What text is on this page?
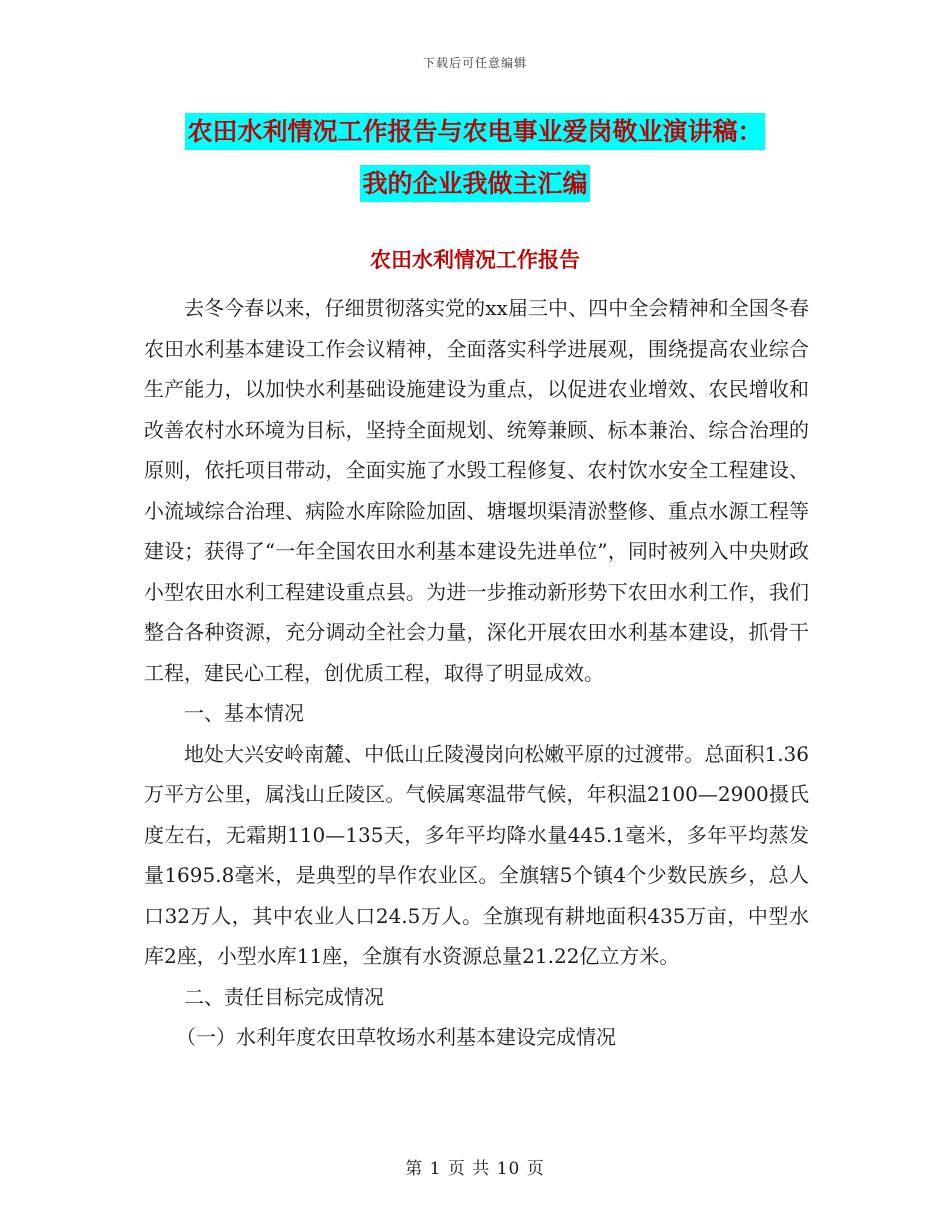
下载后可任意编辑
农田水利情况工作报告与农电事业爱岗敬业演讲稿：
我的企业我做主汇编
农田水利情况工作报告

去冬今春以来，仔细贯彻落实党的xx届三中、四中全会精神和全国冬春农田水利基本建设工作会议精神，全面落实科学进展观，围绕提高农业综合生产能力，以加快水利基础设施建设为重点，以促进农业增效、农民增收和改善农村水环境为目标，坚持全面规划、统筹兼顾、标本兼治、综合治理的原则，依托项目带动，全面实施了水毁工程修复、农村饮水安全工程建设、小流域综合治理、病险水库除险加固、塘堰坝渠清淤整修、重点水源工程等建设；获得了“一年全国农田水利基本建设先进单位”，同时被列入中央财政小型农田水利工程建设重点县。为进一步推动新形势下农田水利工作，我们整合各种资源，充分调动全社会力量，深化开展农田水利基本建设，抓骨干工程，建民心工程，创优质工程，取得了明显成效。

一、基本情况

地处大兴安岭南麓、中低山丘陵漫岗向松嫩平原的过渡带。总面积1.36万平方公里，属浅山丘陵区。气候属寒温带气候，年积温2100—2900摄氏度左右，无霜期110—135天，多年平均降水量445.1毫米，多年平均蒸发量1695.8毫米，是典型的旱作农业区。全旗辖5个镇4个少数民族乡，总人口32万人，其中农业人口24.5万人。全旗现有耕地面积435万亩，中型水库2座，小型水库11座，全旗有水资源总量21.22亿立方米。

二、责任目标完成情况

（一）水利年度农田草牧场水利基本建设完成情况

第 1 页 共 10 页
